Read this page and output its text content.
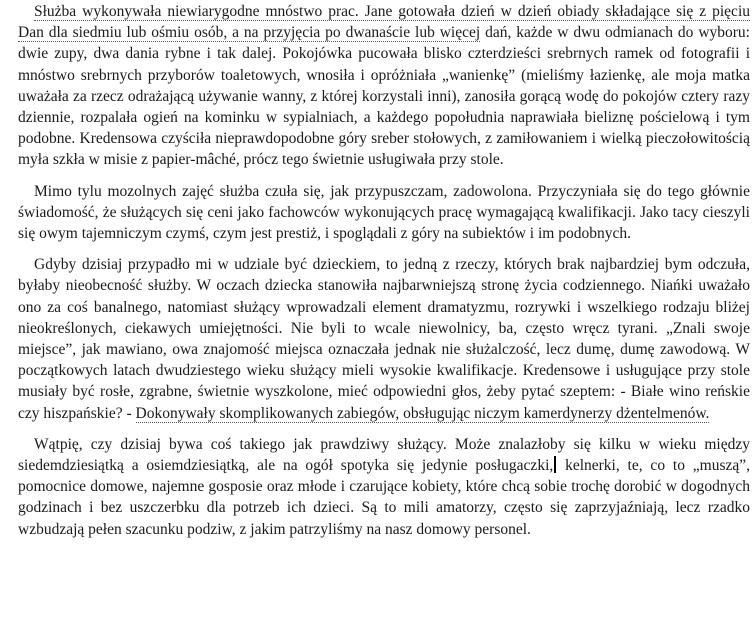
Służba wykonywała niewiarygodne mnóstwo prac. Jane gotowała dzień w dzień obiady składające się z pięciu Dan dla siedmiu lub ośmiu osób, a na przyjęcia po dwanaście lub więcej dań, każde w dwu odmianach do wyboru: dwie zupy, dwa dania rybne i tak dalej. Pokojówka pucowała blisko czterdzieści srebrnych ramek od fotografii i mnóstwo srebrnych przyborów toaletowych, wnosiła i opróżniała „wanienkę” (mieliśmy łazienkę, ale moja matka uważała za rzecz odrażającą używanie wanny, z której korzystali inni), zanosiła gorącą wodę do pokojów cztery razy dziennie, rozpalała ogień na kominku w sypialniach, a każdego popołudnia naprawiała bieliznę pościelową i tym podobne. Kredensowa czyściła nieprawdopodobne góry sreber stołowych, z zamiłowaniem i wielką pieczołowitością myła szkła w misie z papier-mâché, prócz tego świetnie usługiwała przy stole.

Mimo tylu mozolnych zajęć służba czuła się, jak przypuszczam, zadowolona. Przyczyniała się do tego głównie świadomość, że służących się ceni jako fachowców wykonujących pracę wymagającą kwalifikacji. Jako tacy cieszyli się owym tajemniczym czymś, czym jest prestiż, i spoglądali z góry na subiektów i im podobnych.

Gdyby dzisiaj przypadło mi w udziale być dzieckiem, to jedną z rzeczy, których brak najbardziej bym odczuła, byłaby nieobecność służby. W oczach dziecka stanowiła najbarwniejszą stronę życia codziennego. Niańki uważało ono za coś banalnego, natomiast służący wprowadzali element dramatyzmu, rozrywki i wszelkiego rodzaju bliżej nieokreślonych, ciekawych umiejętności. Nie byli to wcale niewolnicy, ba, często wręcz tyrani. „Znali swoje miejsce”, jak mawiano, owa znajomość miejsca oznaczała jednak nie służalczość, lecz dumę, dumę zawodową. W początkowych latach dwudziestego wieku służący mieli wysokie kwalifikacje. Kredensowe i usługujące przy stole musiały być rosłe, zgrabne, świetnie wyszkolone, mieć odpowiedni głos, żeby pytać szeptem: - Białe wino reńskie czy hiszpańskie? - Dokonywały skomplikowanych zabiegów, obsługując niczym kamerdynerzy dżentelmenów.

Wątpię, czy dzisiaj bywa coś takiego jak prawdziwy służący. Może znalazłoby się kilku w wieku między siedemdziesiątką a osiemdziesiątką, ale na ogół spotyka się jedynie posługaczki, kelnerki, te, co to „muszą”, pomocnice domowe, najemne gosposie oraz młode i czarujące kobiety, które chcą sobie trochę dorobić w dogodnych godzinach i bez uszczerbku dla potrzeb ich dzieci. Są to mili amatorzy, często się zaprzyjaźniają, lecz rzadko wzbudzają pełen szacunku podziw, z jakim patrzyliśmy na nasz domowy personel.
